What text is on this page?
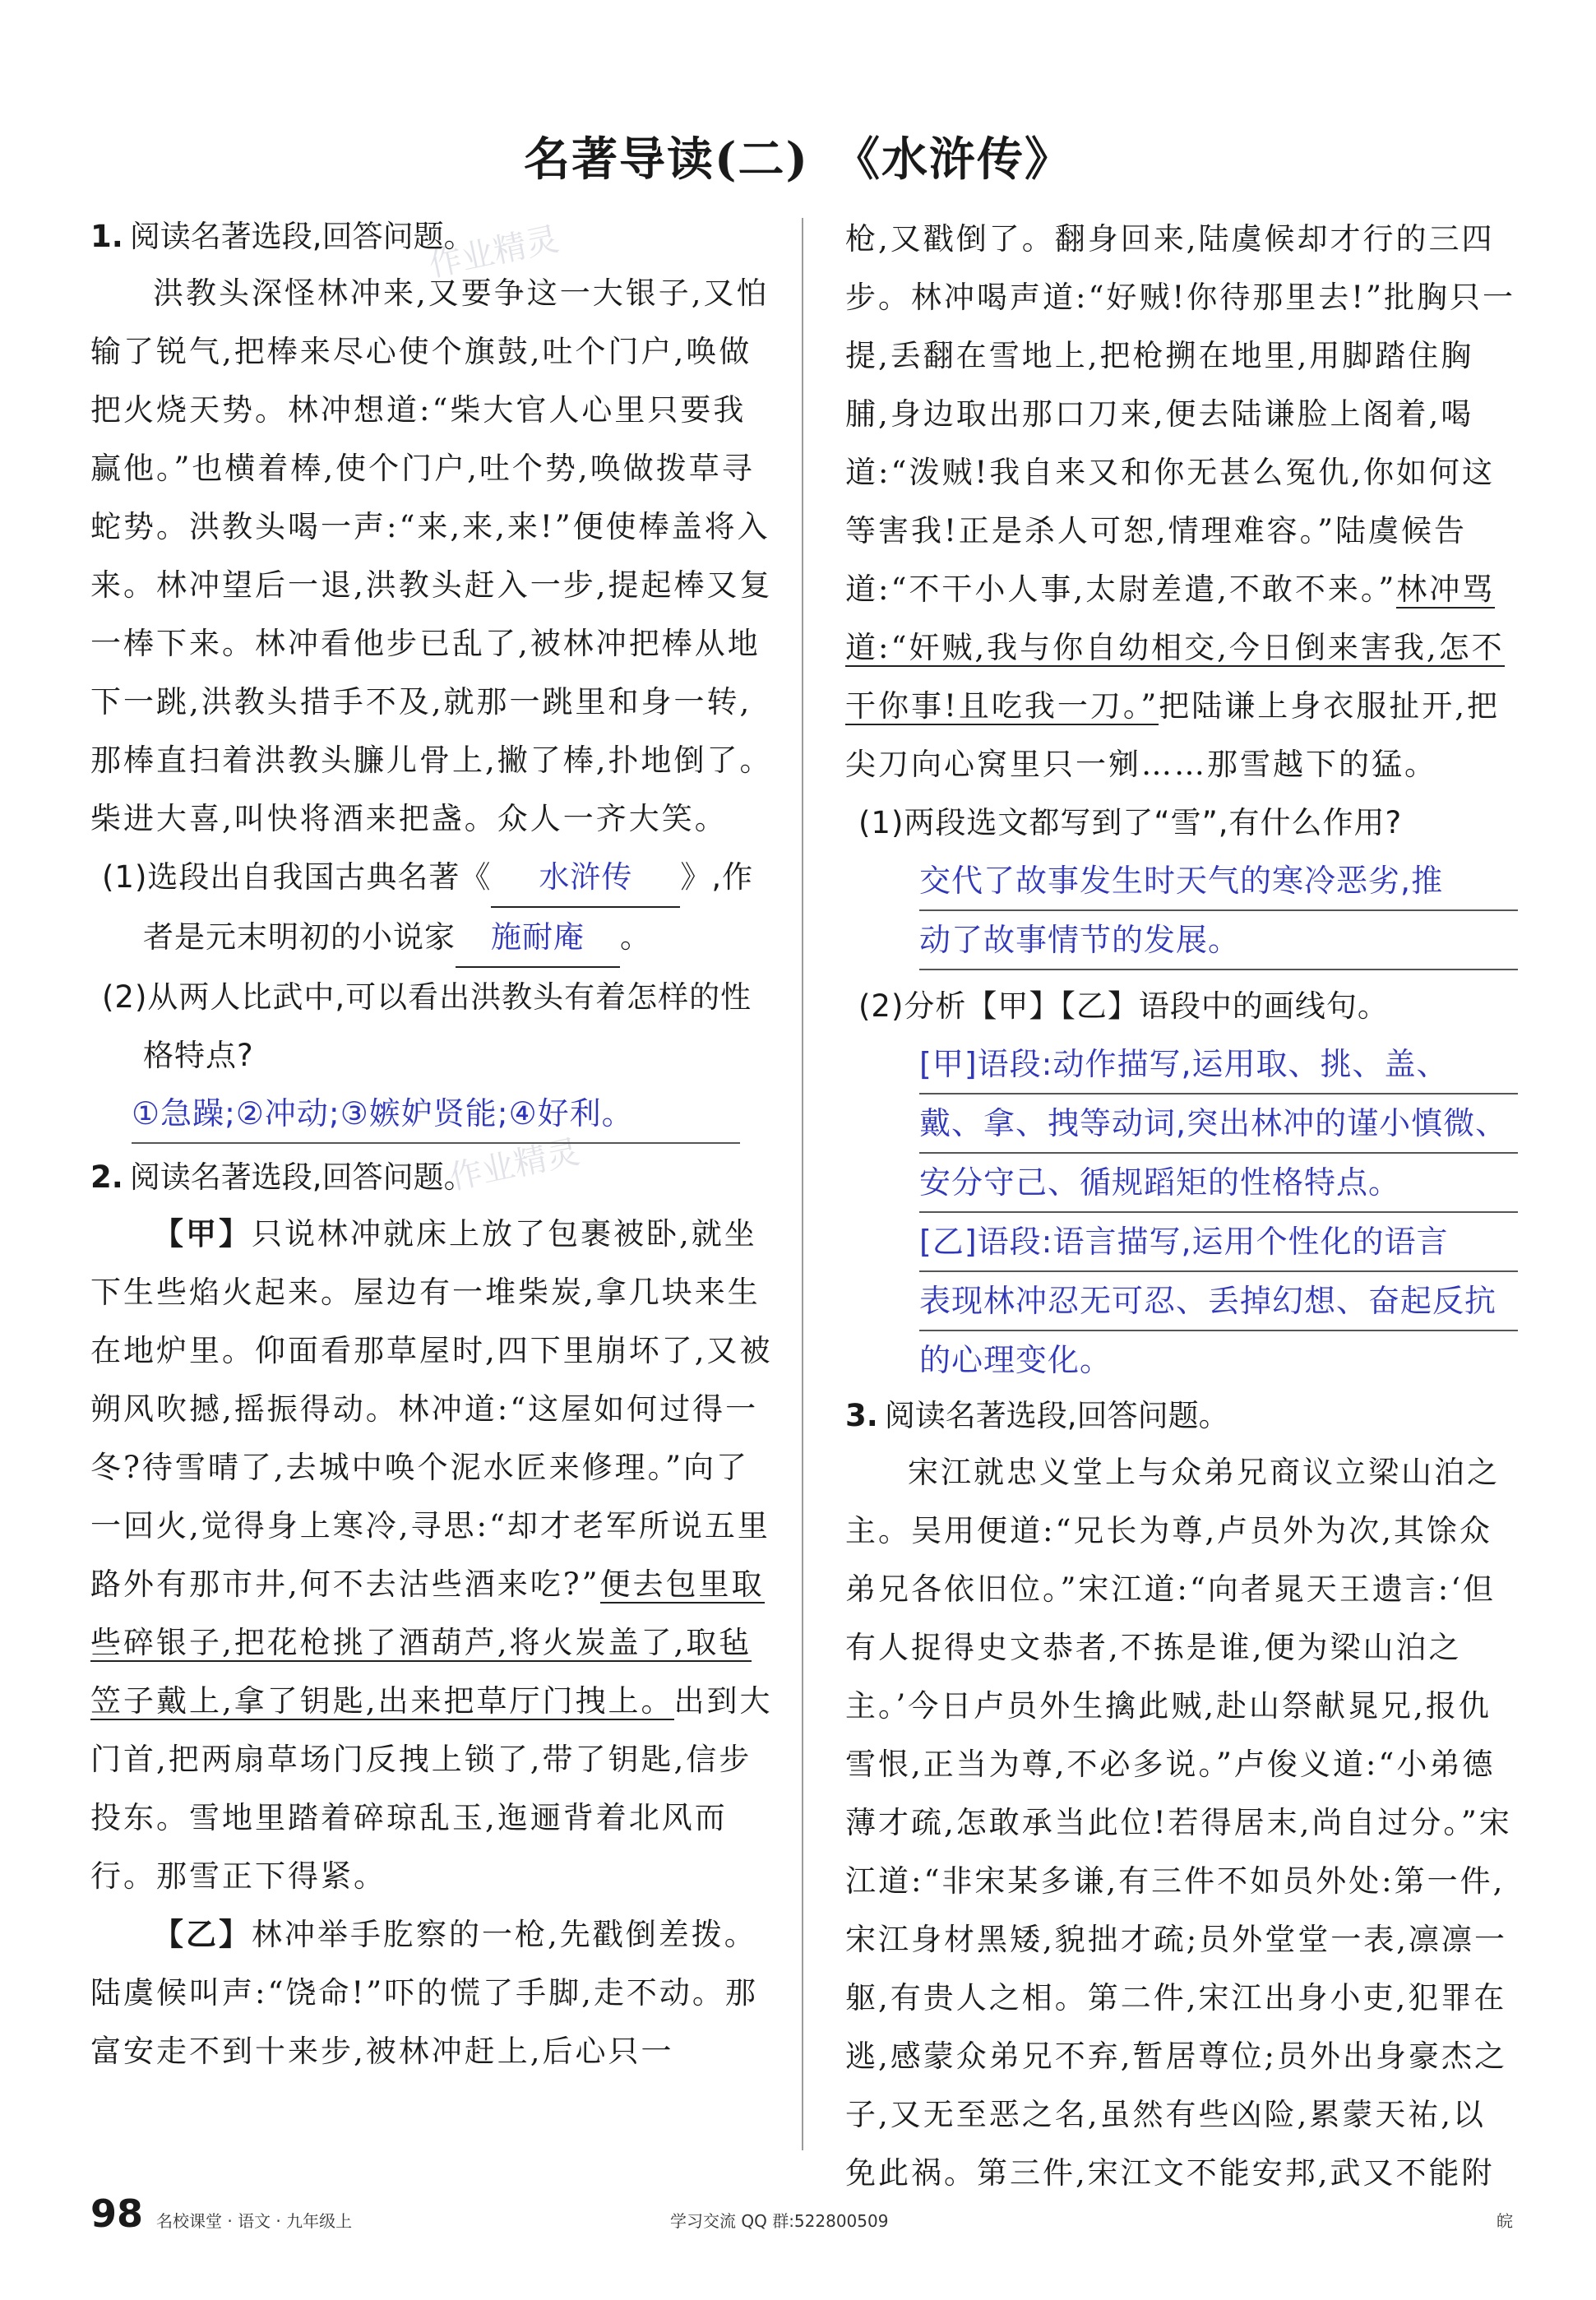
名著导读(二)　《水浒传》
作业精灵
作业精灵

1. 阅读名著选段,回答问题。

洪教头深怪林冲来,又要争这一大银子,又怕输了锐气,把棒来尽心使个旗鼓,吐个门户,唤做把火烧天势。林冲想道:“柴大官人心里只要我赢他。”也横着棒,使个门户,吐个势,唤做拨草寻蛇势。洪教头喝一声:“来,来,来!”便使棒盖将入来。林冲望后一退,洪教头赶入一步,提起棒又复一棒下来。林冲看他步已乱了,被林冲把棒从地下一跳,洪教头措手不及,就那一跳里和身一转,那棒直扫着洪教头臁儿骨上,撇了棒,扑地倒了。柴进大喜,叫快将酒来把盏。众人一齐大笑。

(1)选段出自我国古典名著《 水浒传 》,作者是元末明初的小说家 施耐庵 。

(2)从两人比武中,可以看出洪教头有着怎样的性格特点?

①急躁;②冲动;③嫉妒贤能;④好利。

2. 阅读名著选段,回答问题。

【甲】只说林冲就床上放了包裹被卧,就坐下生些焰火起来。屋边有一堆柴炭,拿几块来生在地炉里。仰面看那草屋时,四下里崩坏了,又被朔风吹撼,摇振得动。林冲道:“这屋如何过得一冬?待雪晴了,去城中唤个泥水匠来修理。”向了一回火,觉得身上寒冷,寻思:“却才老军所说五里路外有那市井,何不去沽些酒来吃?”便去包里取些碎银子,把花枪挑了酒葫芦,将火炭盖了,取毡笠子戴上,拿了钥匙,出来把草厅门拽上。出到大门首,把两扇草场门反拽上锁了,带了钥匙,信步投东。雪地里踏着碎琼乱玉,迤逦背着北风而行。那雪正下得紧。

【乙】林冲举手肐察的一枪,先戳倒差拨。陆虞候叫声:“饶命!”吓的慌了手脚,走不动。那富安走不到十来步,被林冲赶上,后心只一

枪,又戳倒了。翻身回来,陆虞候却才行的三四步。林冲喝声道:“好贼!你待那里去!”批胸只一提,丢翻在雪地上,把枪搠在地里,用脚踏住胸脯,身边取出那口刀来,便去陆谦脸上阁着,喝道:“泼贼!我自来又和你无甚么冤仇,你如何这等害我!正是杀人可恕,情理难容。”陆虞候告道:“不干小人事,太尉差遣,不敢不来。”林冲骂道:“奸贼,我与你自幼相交,今日倒来害我,怎不干你事!且吃我一刀。”把陆谦上身衣服扯开,把尖刀向心窝里只一剜……那雪越下的猛。

(1)两段选文都写到了“雪”,有什么作用?

交代了故事发生时天气的寒冷恶劣,推
动了故事情节的发展。

(2)分析【甲】【乙】语段中的画线句。

[甲]语段:动作描写,运用取、挑、盖、
戴、拿、拽等动词,突出林冲的谨小慎微、
安分守己、循规蹈矩的性格特点。
[乙]语段:语言描写,运用个性化的语言
表现林冲忍无可忍、丢掉幻想、奋起反抗
的心理变化。

3. 阅读名著选段,回答问题。

宋江就忠义堂上与众弟兄商议立梁山泊之主。吴用便道:“兄长为尊,卢员外为次,其馀众弟兄各依旧位。”宋江道:“向者晁天王遗言:‘但有人捉得史文恭者,不拣是谁,便为梁山泊之主。’今日卢员外生擒此贼,赴山祭献晁兄,报仇雪恨,正当为尊,不必多说。”卢俊义道:“小弟德薄才疏,怎敢承当此位!若得居末,尚自过分。”宋江道:“非宋某多谦,有三件不如员外处:第一件,宋江身材黑矮,貌拙才疏;员外堂堂一表,凛凛一躯,有贵人之相。第二件,宋江出身小吏,犯罪在逃,感蒙众弟兄不弃,暂居尊位;员外出身豪杰之子,又无至恶之名,虽然有些凶险,累蒙天祐,以免此祸。第三件,宋江文不能安邦,武又不能附

98 名校课堂 · 语文 · 九年级上	学习交流 QQ 群:522800509	皖
